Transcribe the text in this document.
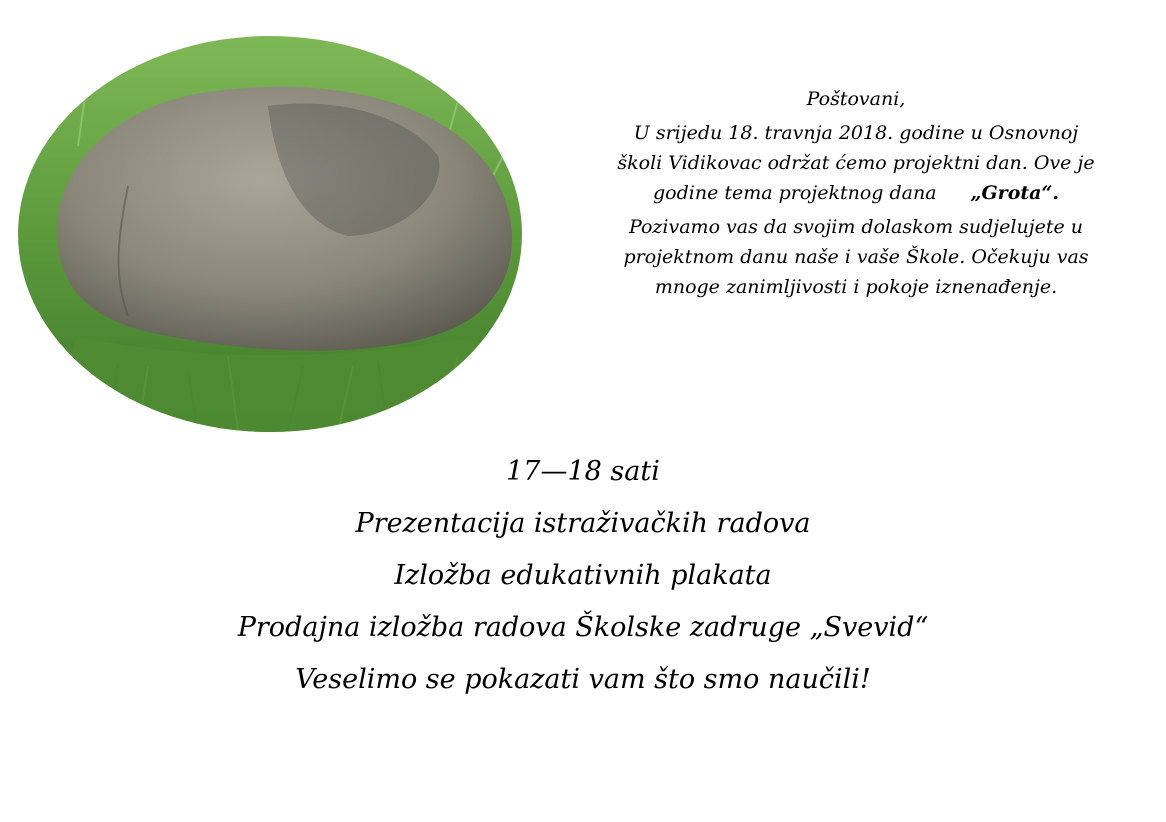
Poštovani,

U srijedu 18. travnja 2018. godine u Osnovnoj

školi Vidikovac održat ćemo projektni dan. Ove je

godine tema projektnog dana „Grota“.

Pozivamo vas da svojim dolaskom sudjelujete u

projektnom danu naše i vaše Škole. Očekuju vas

mnoge zanimljivosti i pokoje iznenađenje.

17—18 sati
Prezentacija istraživačkih radova
Izložba edukativnih plakata
Prodajna izložba radova Školske zadruge „Svevid“
Veselimo se pokazati vam što smo naučili!
